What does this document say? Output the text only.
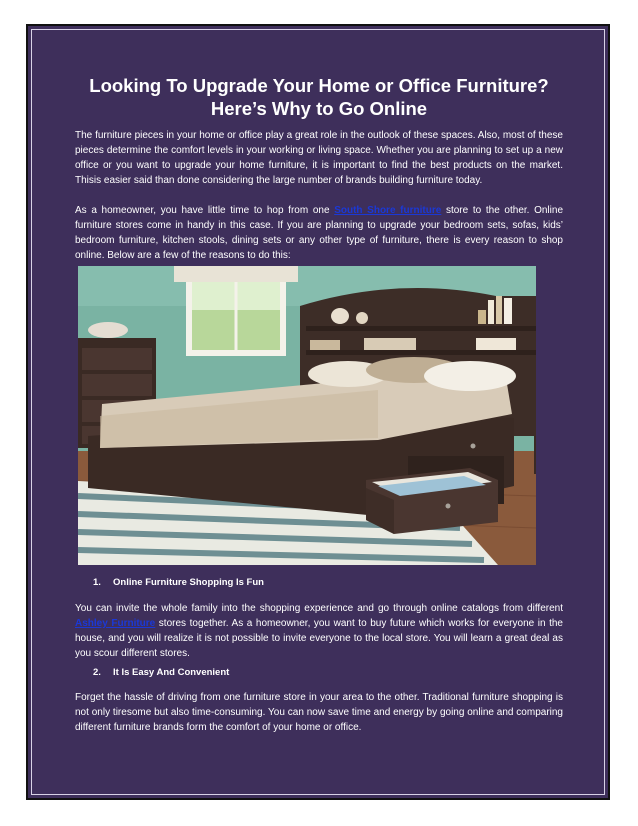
Looking To Upgrade Your Home or Office Furniture?
Here’s Why to Go Online

The furniture pieces in your home or office play a great role in the outlook of these spaces. Also, most of these pieces determine the comfort levels in your working or living space. Whether you are planning to set up a new office or you want to upgrade your home furniture, it is important to find the best products on the market. Thisis easier said than done considering the large number of brands building furniture today.

As a homeowner, you have little time to hop from one South Shore furniture store to the other. Online furniture stores come in handy in this case. If you are planning to upgrade your bedroom sets, sofas, kids’ bedroom furniture, kitchen stools, dining sets or any other type of furniture, there is every reason to shop online. Below are a few of the reasons to do this:

1. Online Furniture Shopping Is Fun

You can invite the whole family into the shopping experience and go through online catalogs from different Ashley Furniture stores together. As a homeowner, you want to buy future which works for everyone in the house, and you will realize it is not possible to invite everyone to the local store. You will learn a great deal as you scour different stores.

2. It Is Easy And Convenient

Forget the hassle of driving from one furniture store in your area to the other. Traditional furniture shopping is not only tiresome but also time-consuming. You can now save time and energy by going online and comparing different furniture brands form the comfort of your home or office.
